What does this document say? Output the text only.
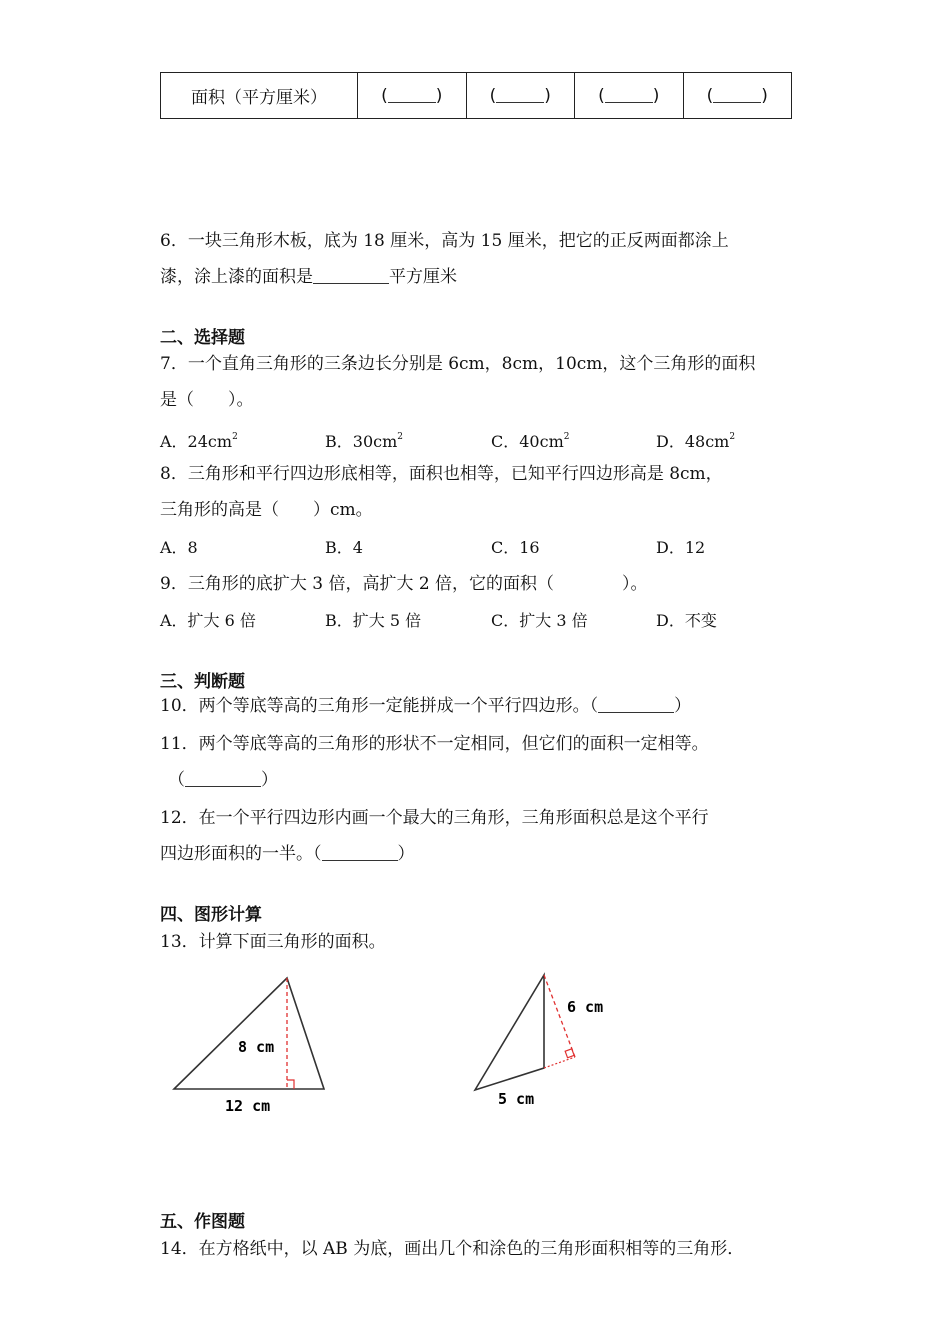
面积（平方厘米）	(	)	(	)	(	)	(	)
6．一块三角形木板，底为 18 厘米，高为 15 厘米，把它的正反两面都涂上
漆，涂上漆的面积是	平方厘米
二、选择题
7．一个直角三角形的三条边长分别是 6cm，8cm，10cm，这个三角形的面积
是（　　）。
A．$24cm^2$	B．$30cm^2$	C．$40cm^2$	D．$48cm^2$
8．三角形和平行四边形底相等，面积也相等，已知平行四边形高是 8cm，
三角形的高是（　　）cm。
A．8	B．4	C．16	D．12
9．三角形的底扩大 3 倍，高扩大 2 倍，它的面积（　　　　）。
A．扩大 6 倍	B．扩大 5 倍	C．扩大 3 倍	D．不变
三、判断题
10．两个等底等高的三角形一定能拼成一个平行四边形。（	）
11．两个等底等高的三角形的形状不一定相同，但它们的面积一定相等。
（	）
12．在一个平行四边形内画一个最大的三角形，三角形面积总是这个平行
四边形面积的一半。（	）
四、图形计算
13．计算下面三角形的面积。
8 cm
12 cm
6 cm
5 cm
五、作图题
14．在方格纸中，以 AB 为底，画出几个和涂色的三角形面积相等的三角形．
